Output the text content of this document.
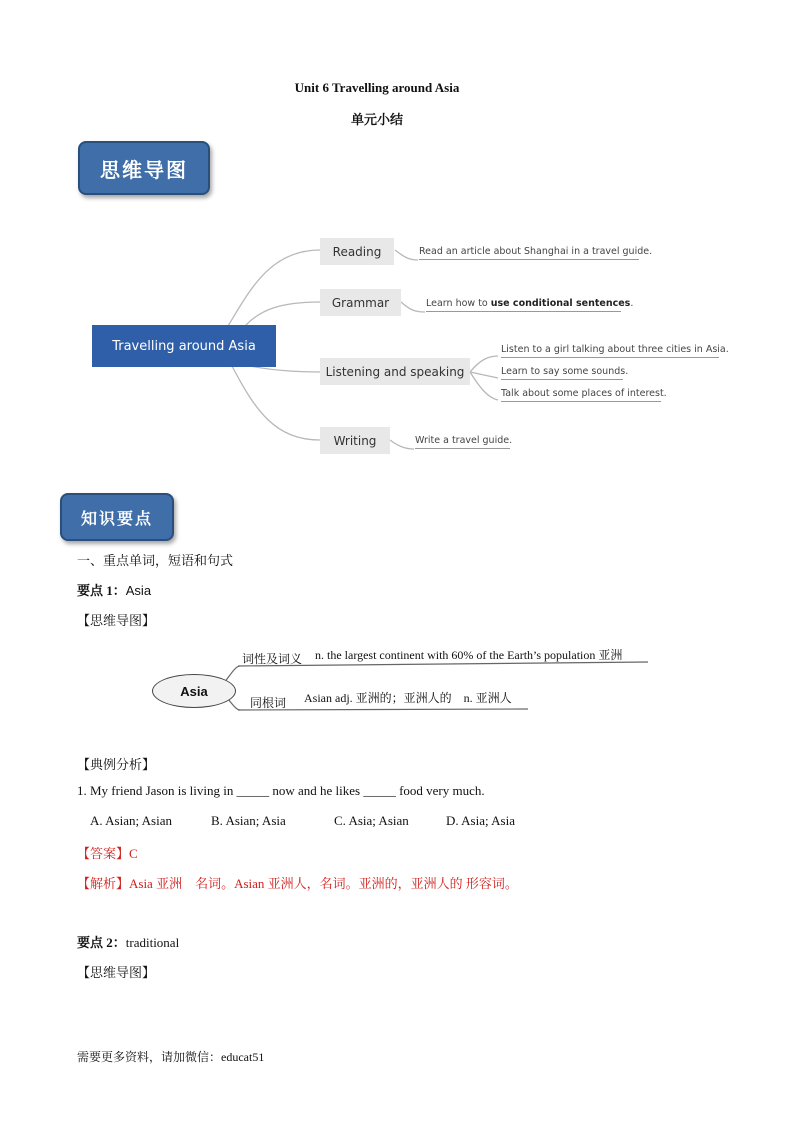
Unit 6 Travelling around Asia
单元小结
思维导图
Travelling around Asia
Reading
Grammar
Listening and speaking
Writing
Read an article about Shanghai in a travel guide.
Learn how to use conditional sentences.
Listen to a girl talking about three cities in Asia.
Learn to say some sounds.
Talk about some places of interest.
Write a travel guide.
知识要点
一、重点单词，短语和句式
要点 1：Asia
【思维导图】
Asia
词性及词义 n. the largest continent with 60% of the Earth’s population 亚洲
同根词 Asian adj. 亚洲的；亚洲人的　n. 亚洲人
【典例分析】
1. My friend Jason is living in _____ now and he likes _____ food very much.
A. Asian; Asian	B. Asian; Asia	C. Asia; Asian	D. Asia; Asia
【答案】C
【解析】Asia 亚洲　名词。Asian 亚洲人，名词。亚洲的，亚洲人的 形容词。
要点 2：traditional
【思维导图】
需要更多资料，请加微信：educat51
